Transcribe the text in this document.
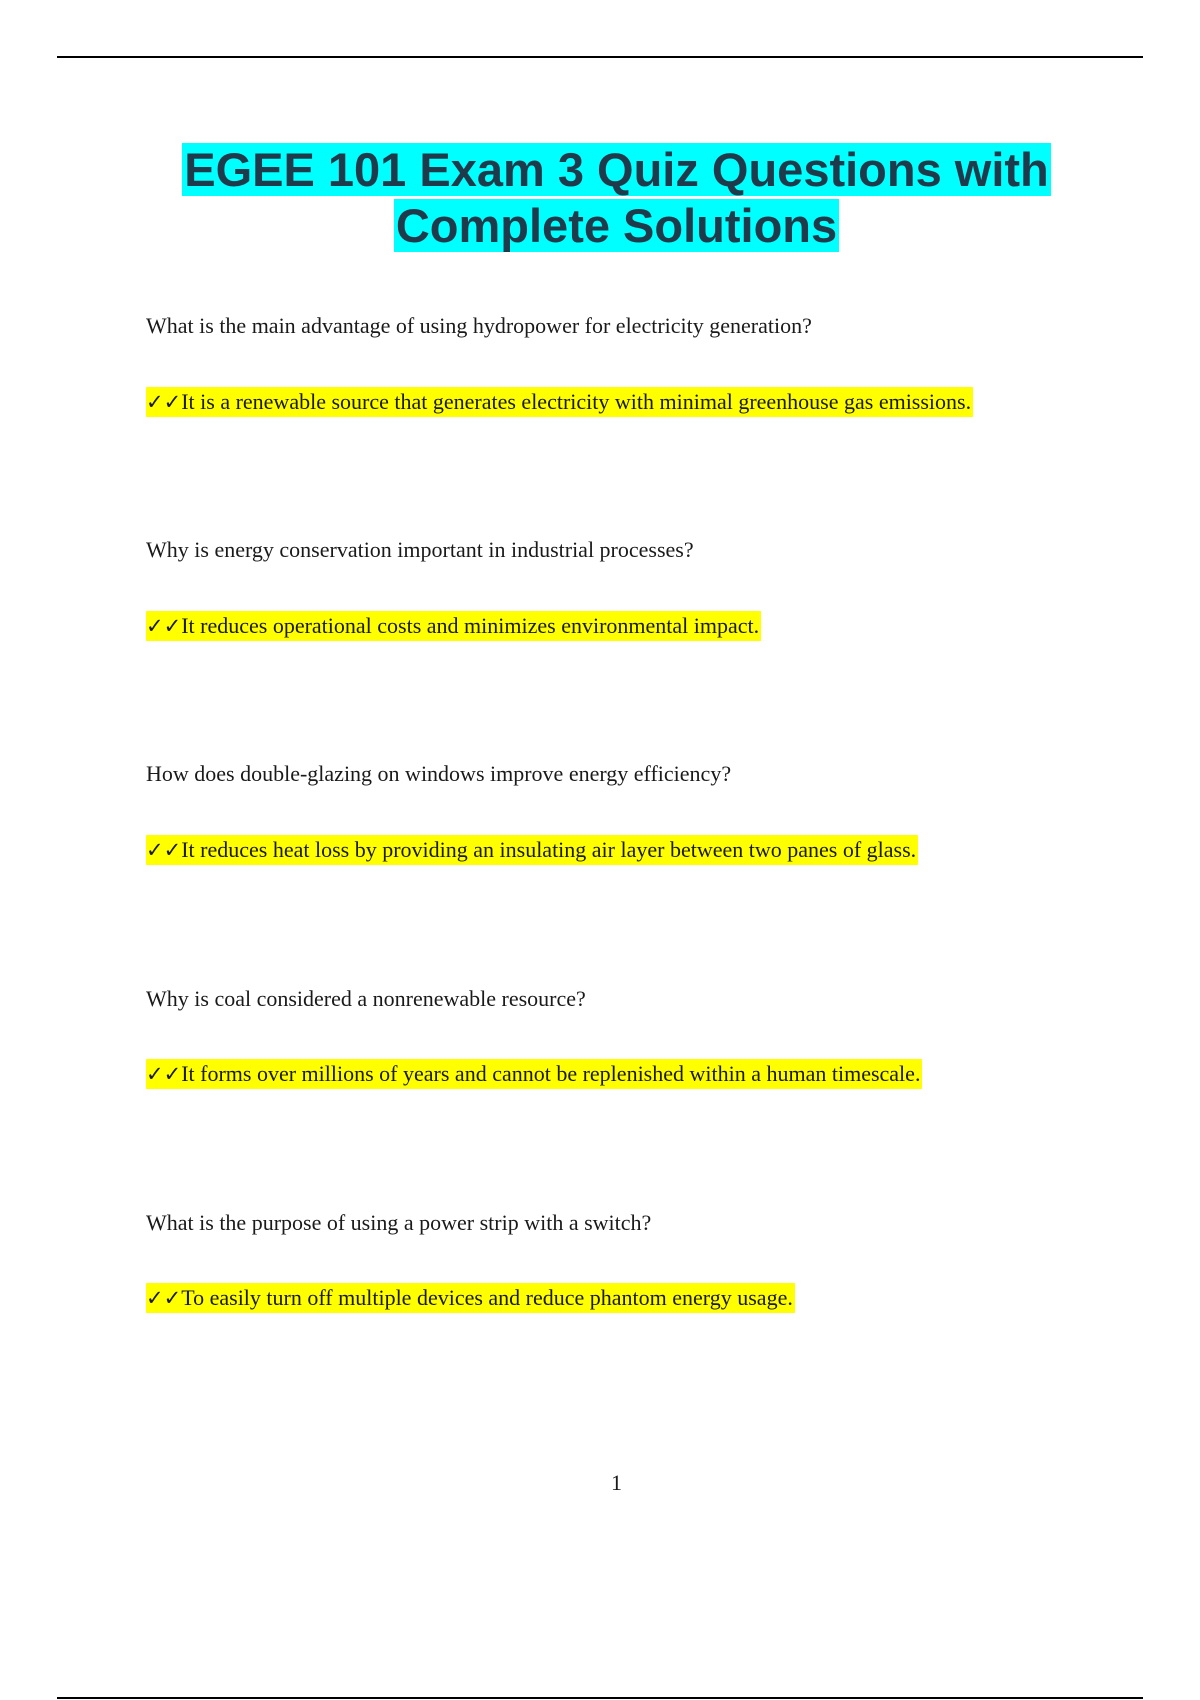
EGEE 101 Exam 3 Quiz Questions with
Complete Solutions
What is the main advantage of using hydropower for electricity generation?
✓✓It is a renewable source that generates electricity with minimal greenhouse gas emissions.
Why is energy conservation important in industrial processes?
✓✓It reduces operational costs and minimizes environmental impact.
How does double-glazing on windows improve energy efficiency?
✓✓It reduces heat loss by providing an insulating air layer between two panes of glass.
Why is coal considered a nonrenewable resource?
✓✓It forms over millions of years and cannot be replenished within a human timescale.
What is the purpose of using a power strip with a switch?
✓✓To easily turn off multiple devices and reduce phantom energy usage.
1
